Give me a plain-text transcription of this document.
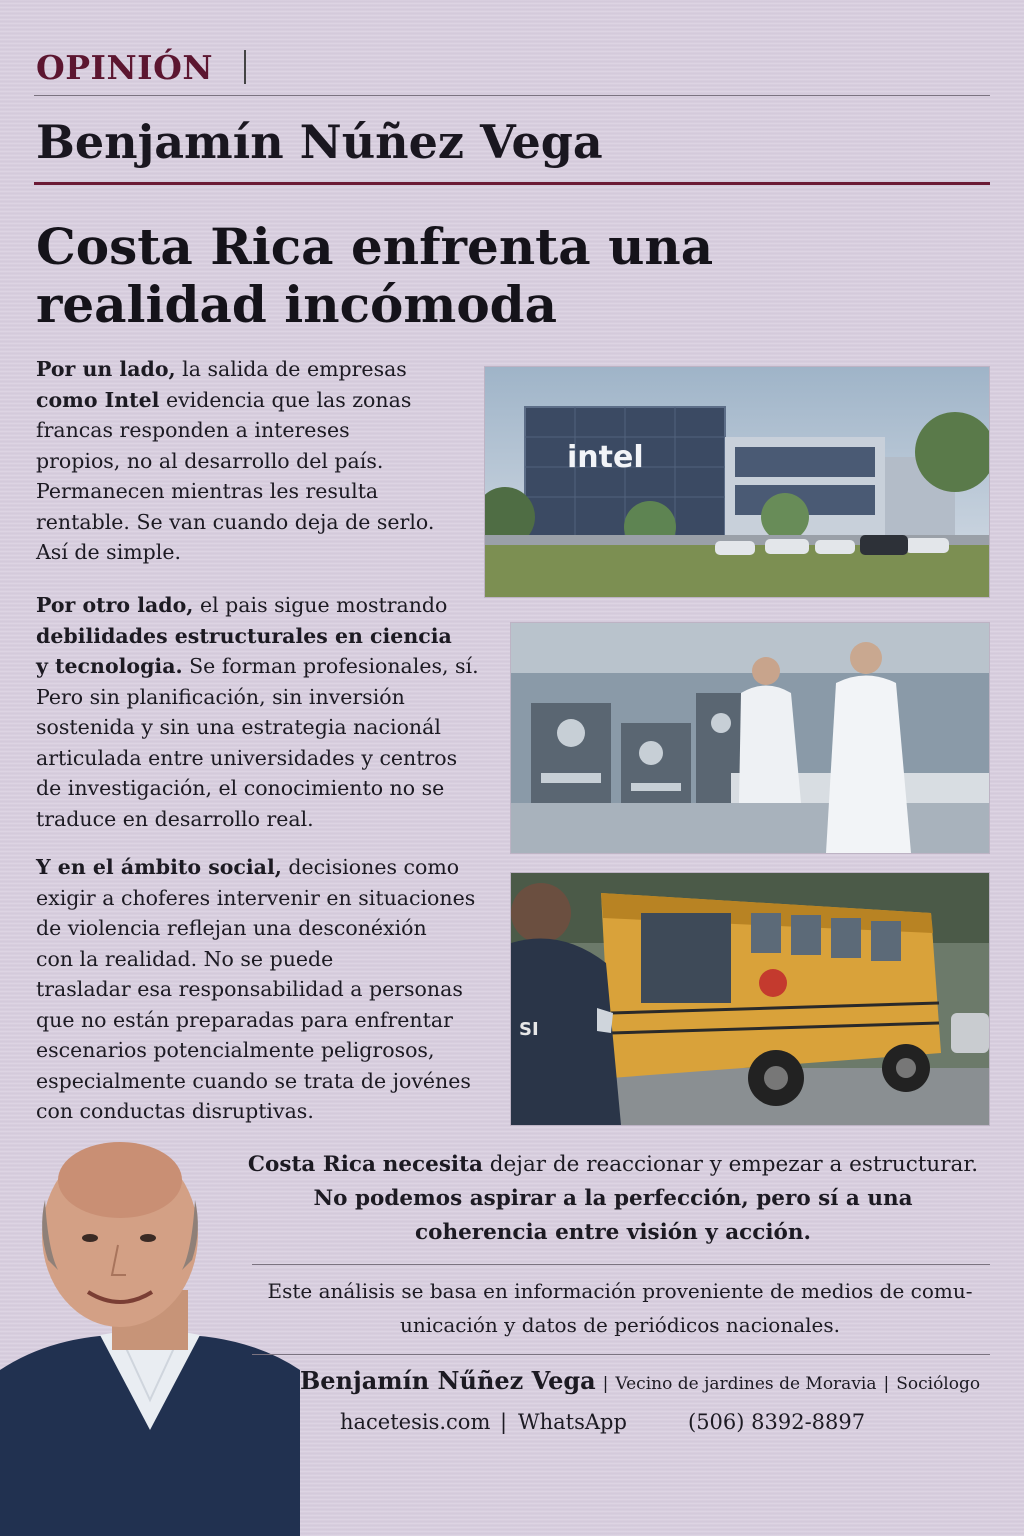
OPINIÓN
Benjamín Núñez Vega
Costa Rica enfrenta una
realidad incómoda
Por un lado, la salida de empresas
como Intel evidencia que las zonas
francas responden a intereses
propios, no al desarrollo del país.
Permanecen mientras les resulta
rentable. Se van cuando deja de serlo.
Así de simple.
Por otro lado, el pais sigue mostrando
debilidades estructurales en ciencia
y tecnologia. Se forman profesionales, sí.
Pero sin planificación, sin inversión
sostenida y sin una estrategia nacionál
articulada entre universidades y centros
de investigación, el conocimiento no se
traduce en desarrollo real.
Y en el ámbito social, decisiones como
exigir a choferes intervenir en situaciones
de violencia reflejan una desconéxión
con la realidad. No se puede
trasladar esa responsabilidad a personas
que no están preparadas para enfrentar
escenarios potencialmente peligrosos,
especialmente cuando se trata de jovénes
con conductas disruptivas.
intel
SI
Costa Rica necesita dejar de reaccionar y empezar a estructurar.
No podemos aspirar a la perfección, pero sí a una
coherencia entre visión y acción.
Este análisis se basa en información proveniente de medios de comu-
unicación y datos de periódicos nacionales.
Benjamín Nűñez Vega | Vecino de jardines de Moravia | Sociólogo
hacetesis.com | WhatsApp	(506) 8392-8897
